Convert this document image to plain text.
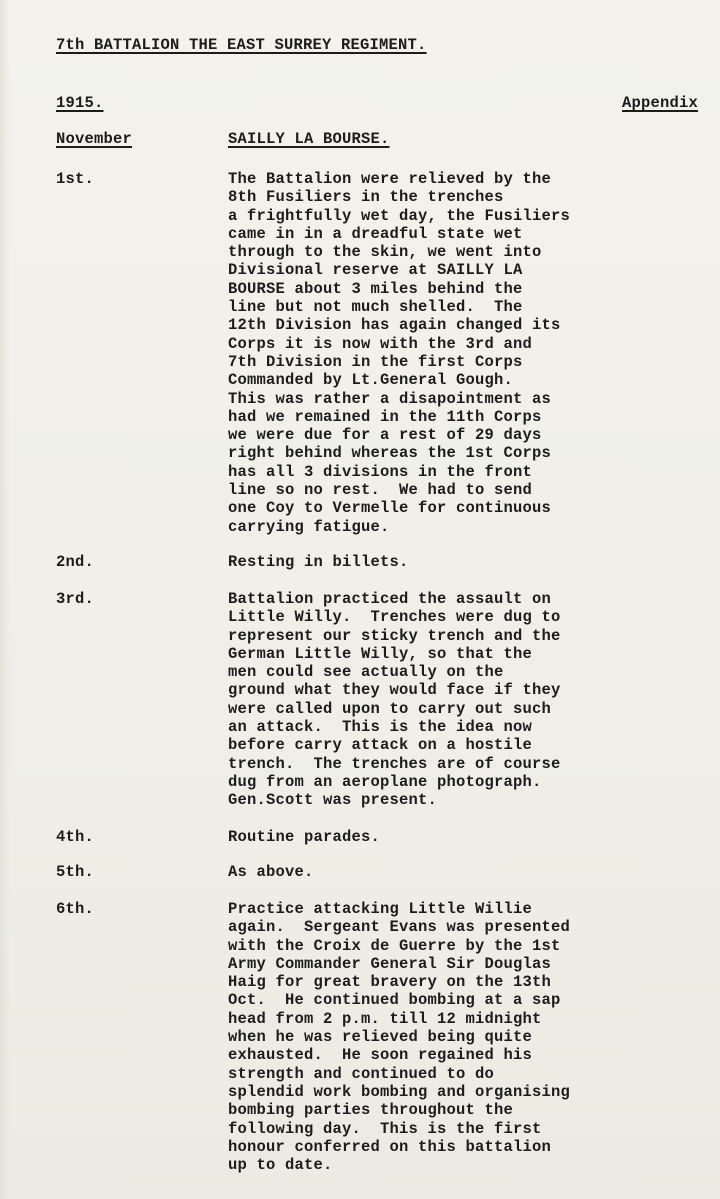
7th BATTALION THE EAST SURREY REGIMENT.
1915.	Appendix
November	SAILLY LA BOURSE.
1st.	The Battalion were relieved by the
8th Fusiliers in the trenches
a frightfully wet day, the Fusiliers
came in in a dreadful state wet
through to the skin, we went into
Divisional reserve at SAILLY LA
BOURSE about 3 miles behind the
line but not much shelled.  The
12th Division has again changed its
Corps it is now with the 3rd and
7th Division in the first Corps
Commanded by Lt.General Gough.
This was rather a disapointment as
had we remained in the 11th Corps
we were due for a rest of 29 days
right behind whereas the 1st Corps
has all 3 divisions in the front
line so no rest.  We had to send
one Coy to Vermelle for continuous
carrying fatigue.
2nd.	Resting in billets.
3rd.	Battalion practiced the assault on
Little Willy.  Trenches were dug to
represent our sticky trench and the
German Little Willy, so that the
men could see actually on the
ground what they would face if they
were called upon to carry out such
an attack.  This is the idea now
before carry attack on a hostile
trench.  The trenches are of course
dug from an aeroplane photograph.
Gen.Scott was present.
4th.	Routine parades.
5th.	As above.
6th.	Practice attacking Little Willie
again.  Sergeant Evans was presented
with the Croix de Guerre by the 1st
Army Commander General Sir Douglas
Haig for great bravery on the 13th
Oct.  He continued bombing at a sap
head from 2 p.m. till 12 midnight
when he was relieved being quite
exhausted.  He soon regained his
strength and continued to do
splendid work bombing and organising
bombing parties throughout the
following day.  This is the first
honour conferred on this battalion
up to date.
